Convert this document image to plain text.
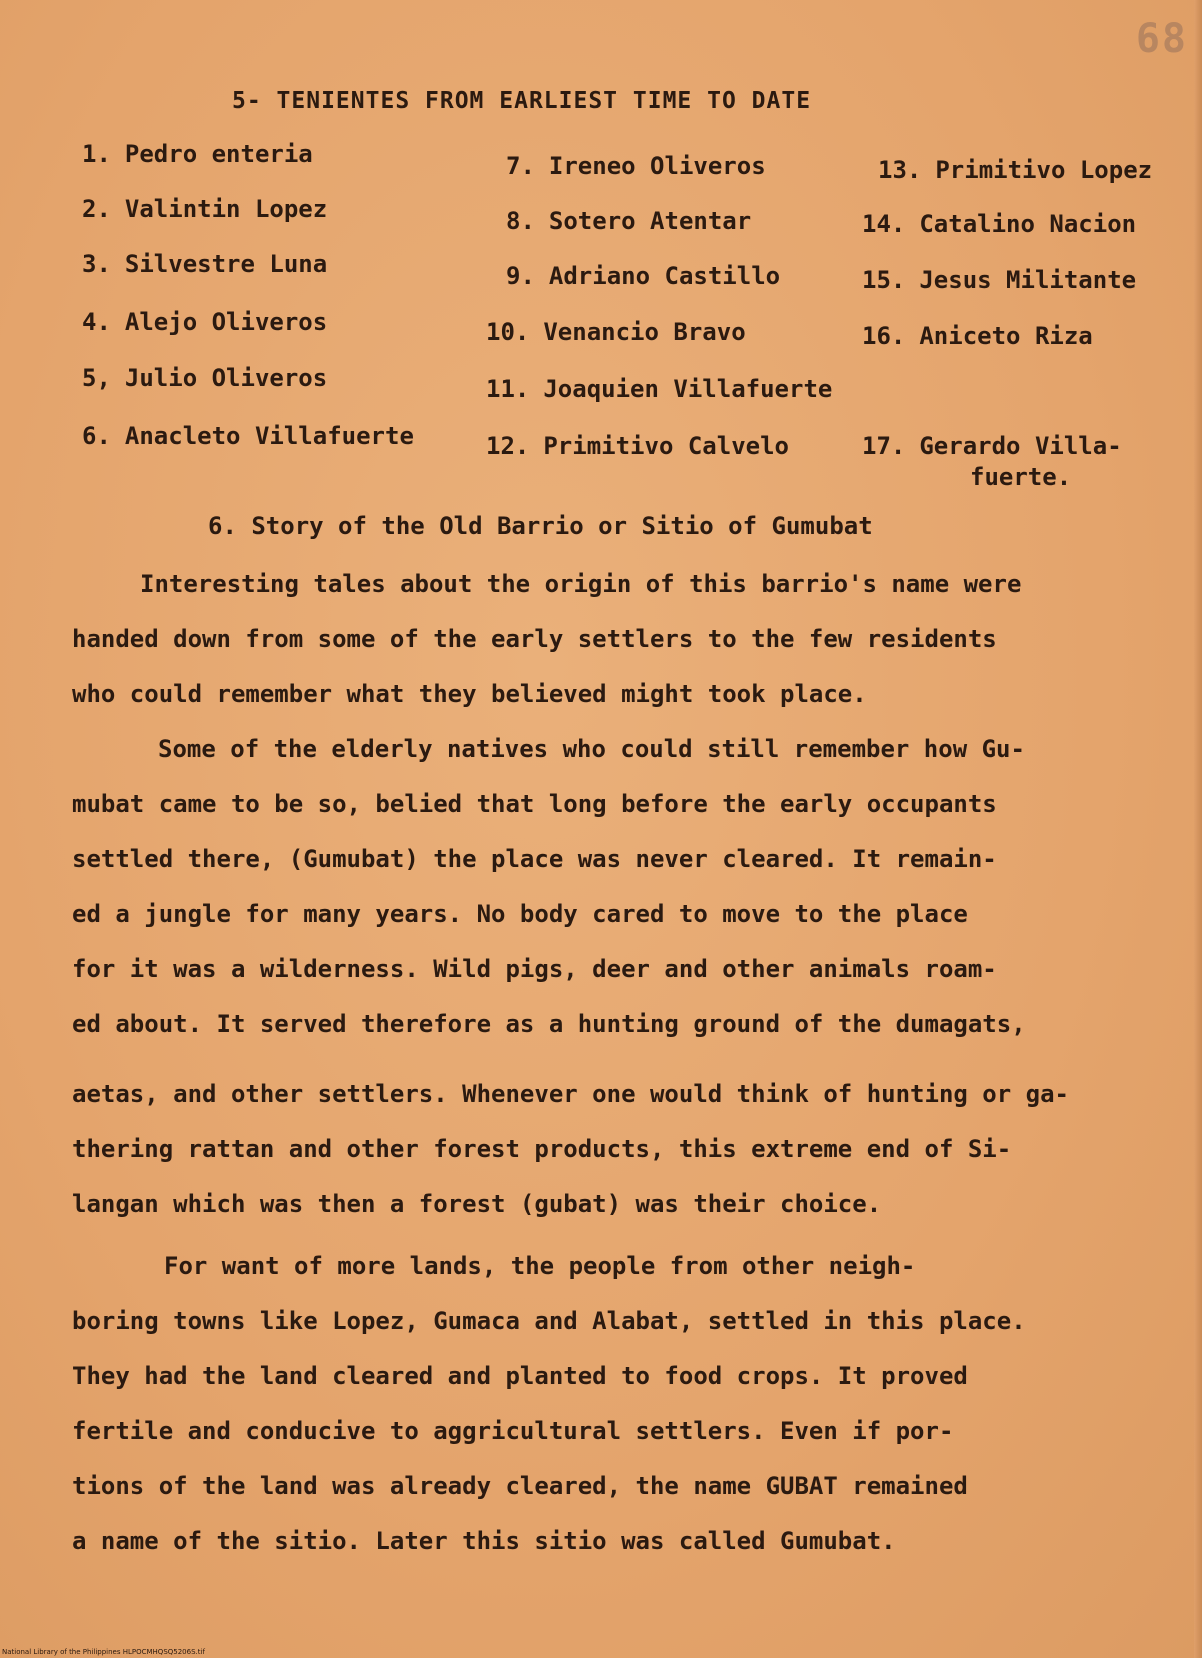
68
5- TENIENTES FROM EARLIEST TIME TO DATE
1. Pedro enteria
2. Valintin Lopez
3. Silvestre Luna
4. Alejo Oliveros
5, Julio Oliveros
6. Anacleto Villafuerte
7. Ireneo Oliveros
8. Sotero Atentar
9. Adriano Castillo
10. Venancio Bravo
11. Joaquien Villafuerte
12. Primitivo Calvelo
13. Primitivo Lopez
14. Catalino Nacion
15. Jesus Militante
16. Aniceto Riza
17. Gerardo Villa-
fuerte.
6. Story of the Old Barrio or Sitio of Gumubat
Interesting tales about the origin of this barrio's name were
handed down from some of the early settlers to the few residents
who could remember what they believed might took place.
Some of the elderly natives who could still remember how Gu-
mubat came to be so, belied that long before the early occupants
settled there, (Gumubat) the place was never cleared. It remain-
ed a jungle for many years. No body cared to move to the place
for it was a wilderness. Wild pigs, deer and other animals roam-
ed about. It served therefore as a hunting ground of the dumagats,
aetas, and other settlers. Whenever one would think of hunting or ga-
thering rattan and other forest products, this extreme end of Si-
langan which was then a forest (gubat) was their choice.
For want of more lands, the people from other neigh-
boring towns like Lopez, Gumaca and Alabat, settled in this place.
They had the land cleared and planted to food crops. It proved
fertile and conducive to aggricultural settlers. Even if por-
tions of the land was already cleared, the name GUBAT remained
a name of the sitio. Later this sitio was called Gumubat.
National Library of the Philippines HLPOCMHQSQ5206S.tif
